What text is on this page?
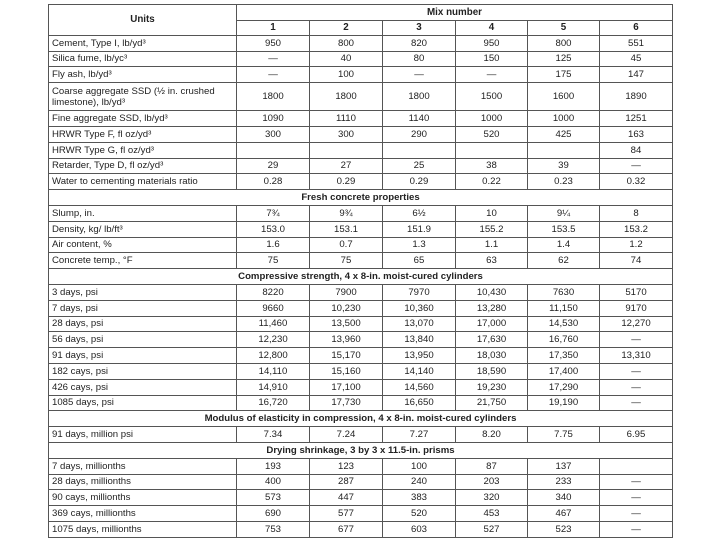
Units	Mix number					
	1	2	3	4	5	6
Cement, Type I, lb/yd³	950	800	820	950	800	551
Silica fume, lb/yc³	—	40	80	150	125	45
Fly ash, lb/yd³	—	100	—	—	175	147
Coarse aggregate SSD (½ in. crushed limestone), lb/yd³	1800	1800	1800	1500	1600	1890
Fine aggregate SSD, lb/yd³	1090	1110	1140	1000	1000	1251
HRWR Type F, fl oz/yd³	300	300	290	520	425	163
HRWR Type G, fl oz/yd³						84
Retarder, Type D, fl oz/yd³	29	27	25	38	39	—
Water to cementing materials ratio	0.28	0.29	0.29	0.22	0.23	0.32
Fresh concrete properties						
Slump, in.	7¾	9¾	6½	10	9¼	8
Density, kg/ lb/ft³	153.0	153.1	151.9	155.2	153.5	153.2
Air content, %	1.6	0.7	1.3	1.1	1.4	1.2
Concrete temp., °F	75	75	65	63	62	74
Compressive strength, 4 x 8-in. moist-cured cylinders						
3 days, psi	8220	7900	7970	10,430	7630	5170
7 days, psi	9660	10,230	10,360	13,280	11,150	9170
28 days, psi	11,460	13,500	13,070	17,000	14,530	12,270
56 days, psi	12,230	13,960	13,840	17,630	16,760	—
91 days, psi	12,800	15,170	13,950	18,030	17,350	13,310
182 cays, psi	14,110	15,160	14,140	18,590	17,400	—
426 cays, psi	14,910	17,100	14,560	19,230	17,290	—
1085 days, psi	16,720	17,730	16,650	21,750	19,190	—
Modulus of elasticity in compression, 4 x 8-in. moist-cured cylinders						
91 days, million psi	7.34	7.24	7.27	8.20	7.75	6.95
Drying shrinkage, 3 by 3 x 11.5-in. prisms						
7 days, millionths	193	123	100	87	137	
28 days, millionths	400	287	240	203	233	—
90 cays, millionths	573	447	383	320	340	—
369 cays, millionths	690	577	520	453	467	—
1075 days, millionths	753	677	603	527	523	—
